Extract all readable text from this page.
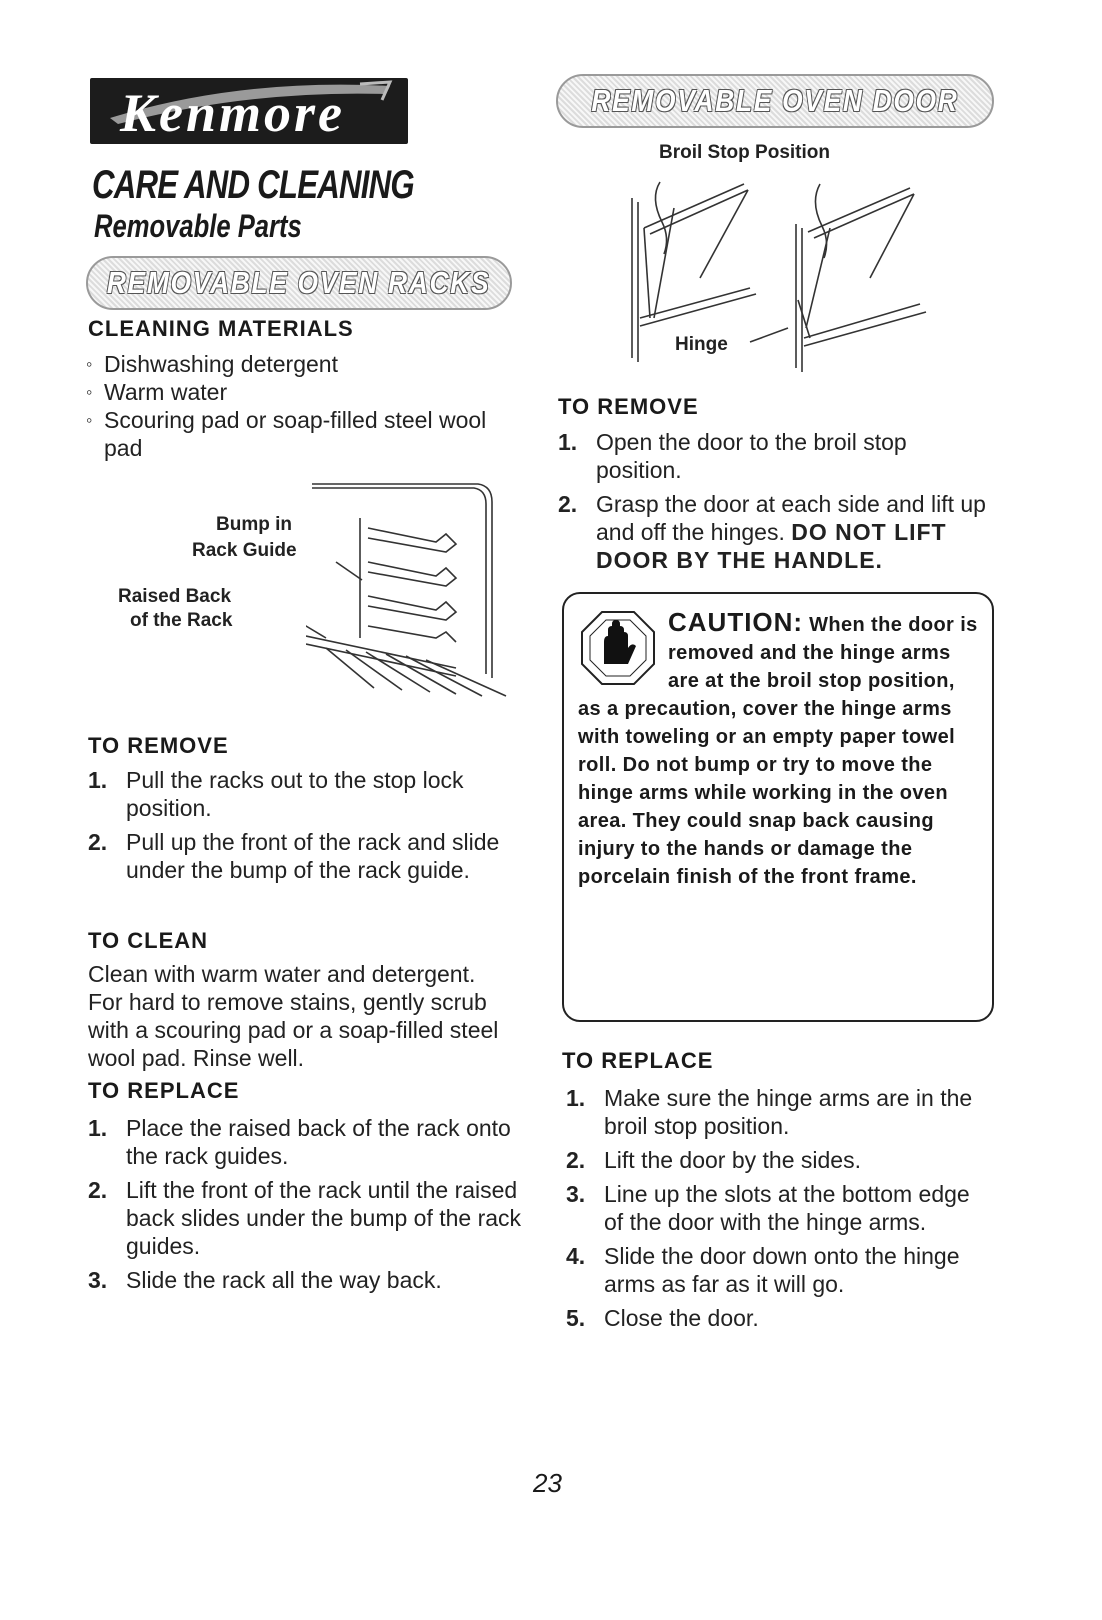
Kenmore
CARE AND CLEANING
Removable Parts
REMOVABLE OVEN RACKS
CLEANING MATERIALS
◦ Dishwashing detergent
◦ Warm water
◦ Scouring pad or soap-filled steel wool pad
Bump in
Rack Guide
Raised Back
of the Rack
TO REMOVE
1. Pull the racks out to the stop lock position.
2. Pull up the front of the rack and slide under the bump of the rack guide.
TO CLEAN

Clean with warm water and detergent. For hard to remove stains, gently scrub with a scouring pad or a soap-filled steel wool pad. Rinse well.

TO REPLACE
1. Place the raised back of the rack onto the rack guides.
2. Lift the front of the rack until the raised back slides under the bump of the rack guides.
3. Slide the rack all the way back.
REMOVABLE OVEN DOOR
Broil Stop Position
Hinge
TO REMOVE
1. Open the door to the broil stop position.
2. Grasp the door at each side and lift up and off the hinges. DO NOT LIFT DOOR BY THE HANDLE.
CAUTION: When the door is removed and the hinge arms are at the broil stop position, as a precaution, cover the hinge arms with toweling or an empty paper towel roll. Do not bump or try to move the hinge arms while working in the oven area. They could snap back causing injury to the hands or damage the porcelain finish of the front frame.
TO REPLACE
1. Make sure the hinge arms are in the broil stop position.
2. Lift the door by the sides.
3. Line up the slots at the bottom edge of the door with the hinge arms.
4. Slide the door down onto the hinge arms as far as it will go.
5. Close the door.
23
